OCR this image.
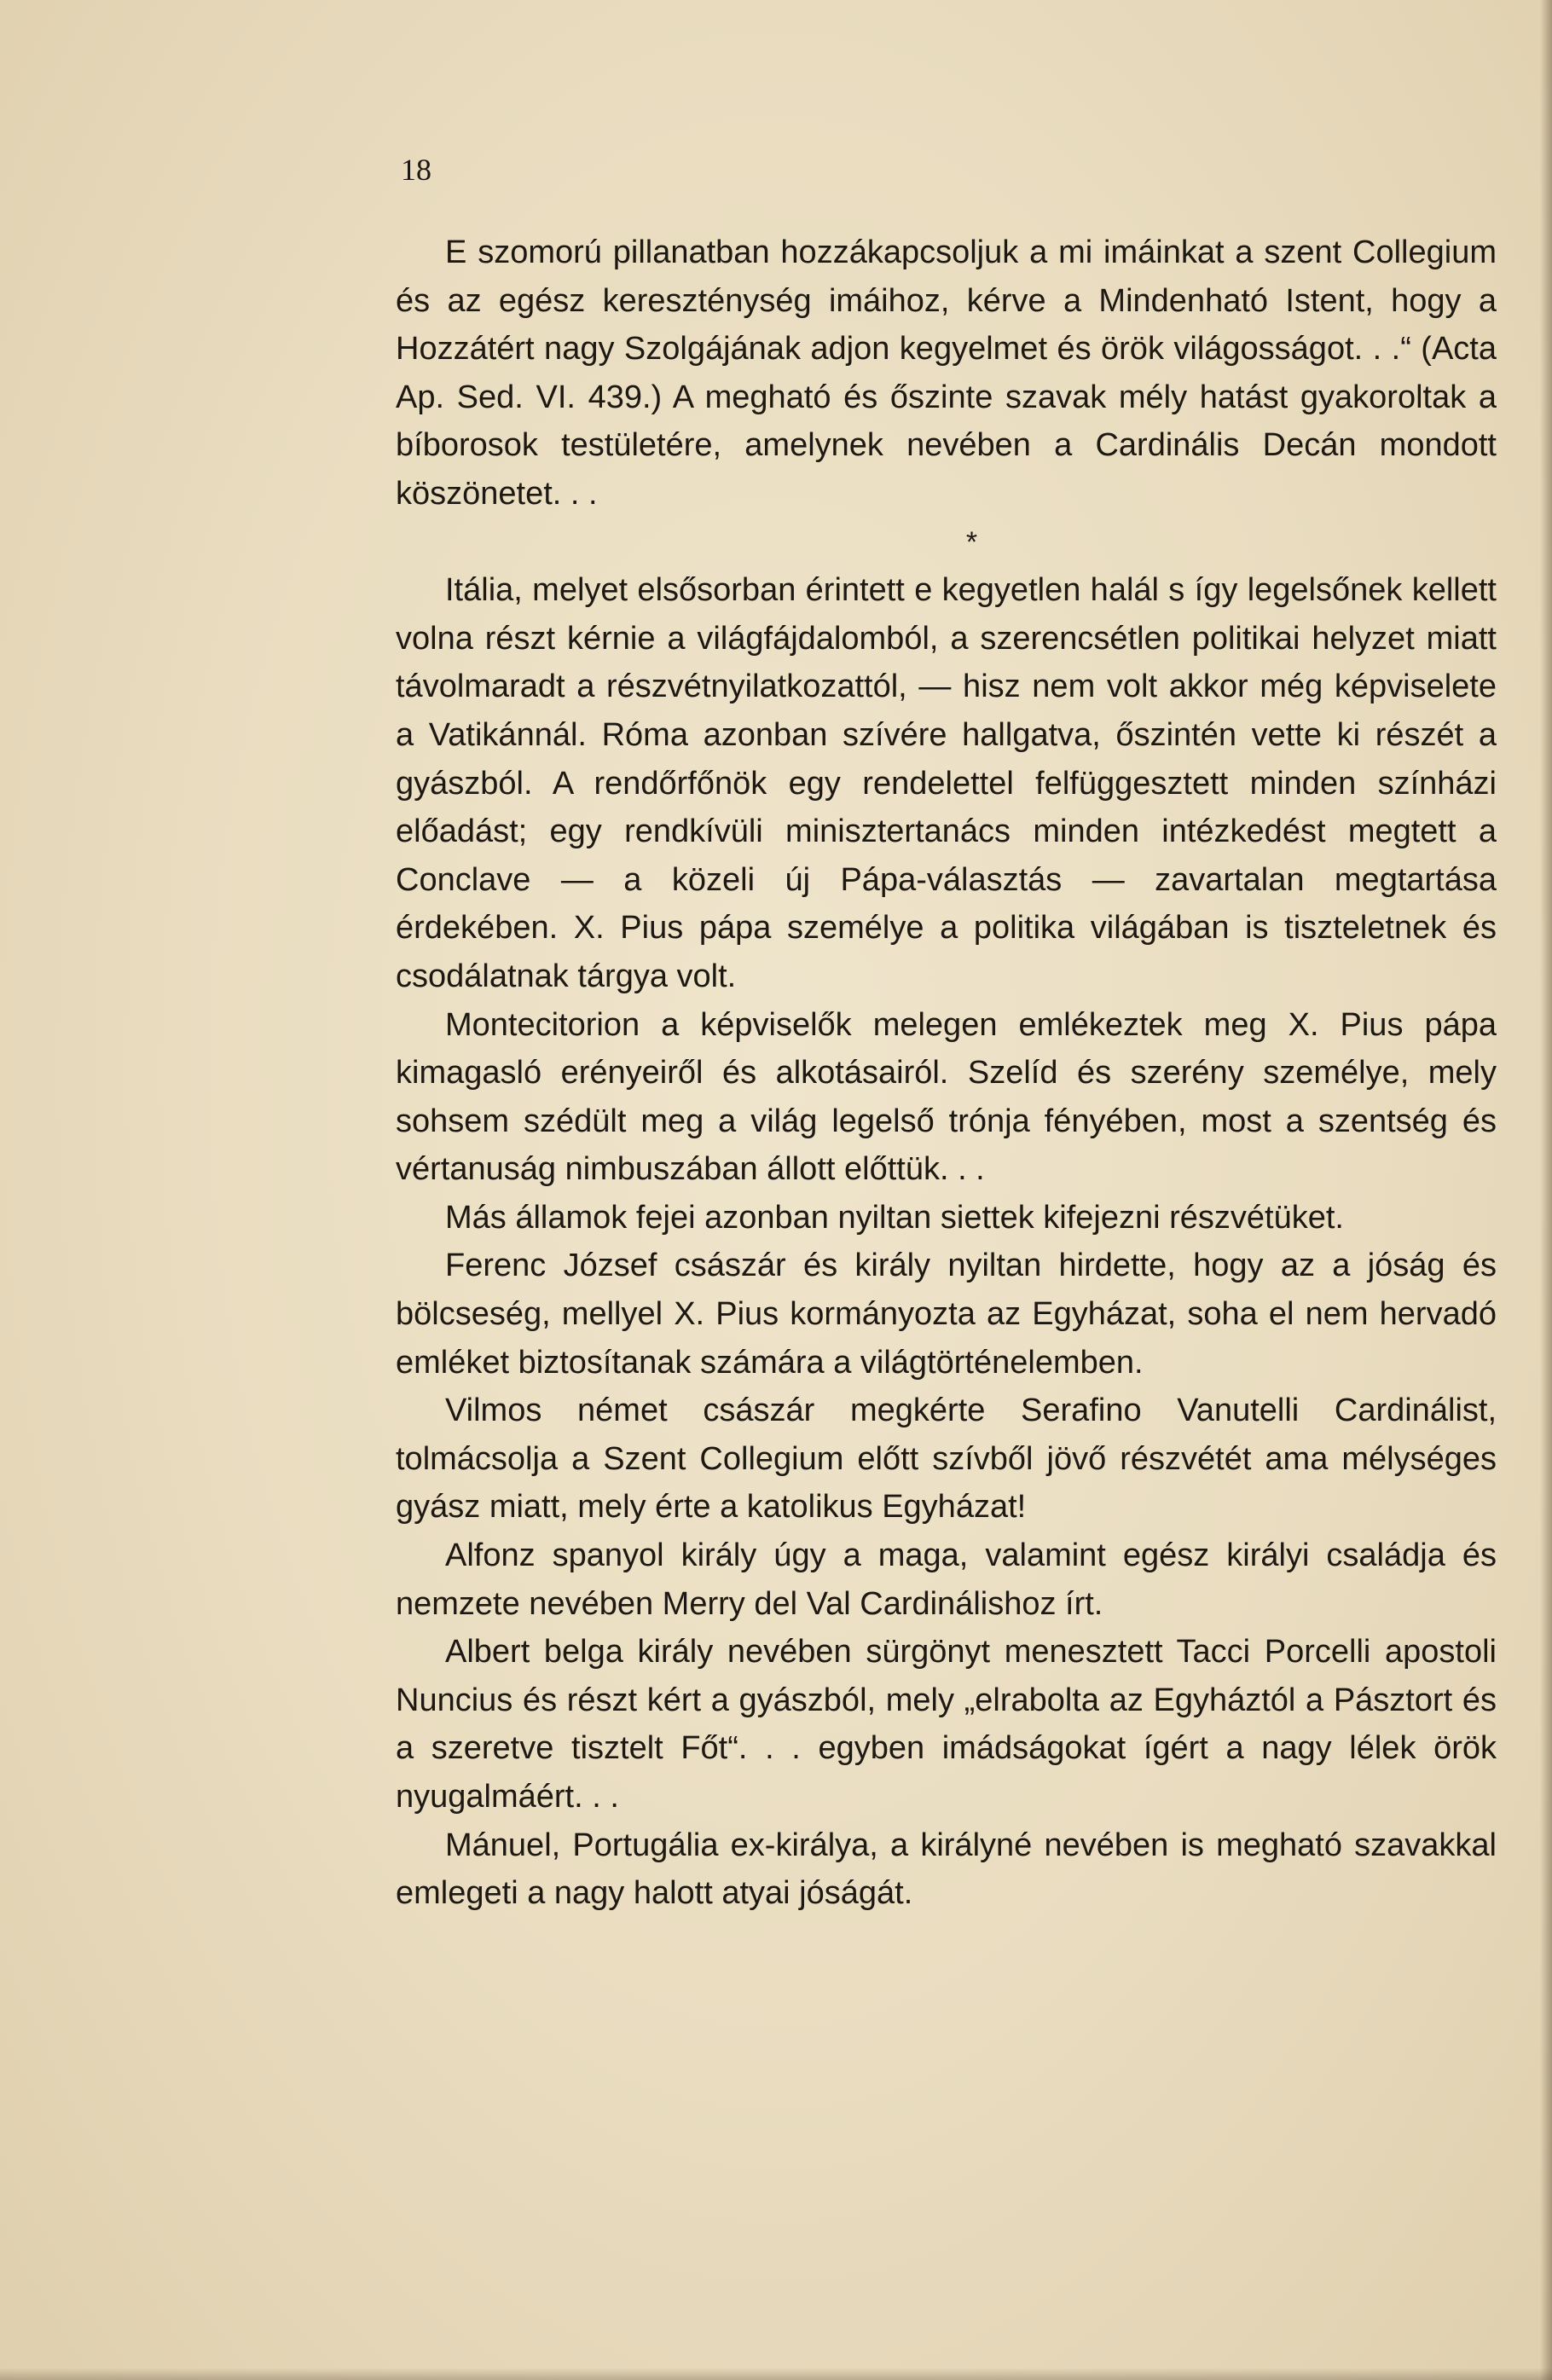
18

E szomorú pillanatban hozzákapcsoljuk a mi imáinkat a szent Collegium és az egész kereszténység imáihoz, kérve a Mindenható Istent, hogy a Hozzátért nagy Szolgájának adjon kegyelmet és örök világosságot. . .“ (Acta Ap. Sed. VI. 439.) A megható és őszinte szavak mély hatást gyakoroltak a bíborosok testületére, amelynek nevében a Cardinális Decán mondott köszönetet. . .

*

Itália, melyet elsősorban érintett e kegyetlen halál s így legelsőnek kellett volna részt kérnie a világfájdalomból, a szerencsétlen politikai helyzet miatt távolmaradt a részvétnyilatkozattól, — hisz nem volt akkor még képviselete a Vatikánnál. Róma azonban szívére hallgatva, őszintén vette ki részét a gyászból. A rendőrfőnök egy rendelettel felfüggesztett minden színházi előadást; egy rendkívüli minisztertanács minden intézkedést megtett a Conclave — a közeli új Pápa-választás — zavartalan megtartása érdekében. X. Pius pápa személye a politika világában is tiszteletnek és csodálatnak tárgya volt.

Montecitorion a képviselők melegen emlékeztek meg X. Pius pápa kimagasló erényeiről és alkotásairól. Szelíd és szerény személye, mely sohsem szédült meg a világ legelső trónja fényében, most a szentség és vértanuság nimbuszában állott előttük. . .

Más államok fejei azonban nyiltan siettek kifejezni részvétüket.

Ferenc József császár és király nyiltan hirdette, hogy az a jóság és bölcseség, mellyel X. Pius kormányozta az Egyházat, soha el nem hervadó emléket biztosítanak számára a világtörténelemben.

Vilmos német császár megkérte Serafino Vanutelli Cardinálist, tolmácsolja a Szent Collegium előtt szívből jövő részvétét ama mélységes gyász miatt, mely érte a katolikus Egyházat!

Alfonz spanyol király úgy a maga, valamint egész királyi családja és nemzete nevében Merry del Val Cardinálishoz írt.

Albert belga király nevében sürgönyt menesztett Tacci Porcelli apostoli Nuncius és részt kért a gyászból, mely „elrabolta az Egyháztól a Pásztort és a szeretve tisztelt Főt“. . . egyben imádságokat ígért a nagy lélek örök nyugalmáért. . .

Mánuel, Portugália ex-királya, a királyné nevében is megható szavakkal emlegeti a nagy halott atyai jóságát.
